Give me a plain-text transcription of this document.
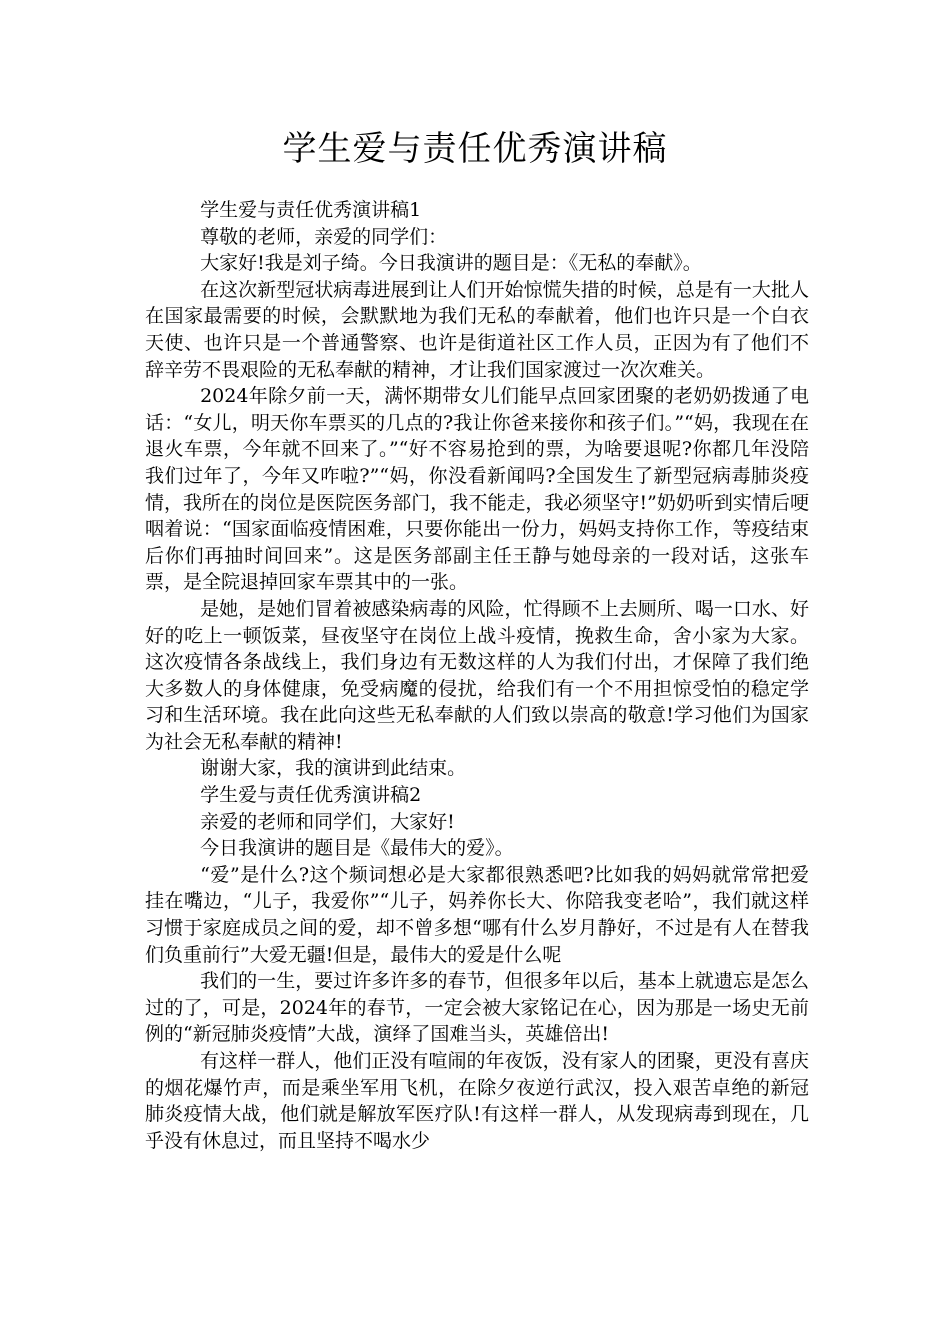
学生爱与责任优秀演讲稿

学生爱与责任优秀演讲稿1

尊敬的老师，亲爱的同学们：

大家好!我是刘子绮。今日我演讲的题目是：《无私的奉献》。

在这次新型冠状病毒进展到让人们开始惊慌失措的时候，总是有一大批人在国家最需要的时候，会默默地为我们无私的奉献着，他们也许只是一个白衣天使、也许只是一个普通警察、也许是街道社区工作人员，正因为有了他们不辞辛劳不畏艰险的无私奉献的精神，才让我们国家渡过一次次难关。

2024年除夕前一天，满怀期带女儿们能早点回家团聚的老奶奶拨通了电话：“女儿，明天你车票买的几点的?我让你爸来接你和孩子们。”“妈，我现在在退火车票，今年就不回来了。”“好不容易抢到的票，为啥要退呢?你都几年没陪我们过年了，今年又咋啦?”“妈，你没看新闻吗?全国发生了新型冠病毒肺炎疫情，我所在的岗位是医院医务部门，我不能走，我必须坚守!”奶奶听到实情后哽咽着说：“国家面临疫情困难，只要你能出一份力，妈妈支持你工作，等疫结束后你们再抽时间回来”。这是医务部副主任王静与她母亲的一段对话，这张车票，是全院退掉回家车票其中的一张。

是她，是她们冒着被感染病毒的风险，忙得顾不上去厕所、喝一口水、好好的吃上一顿饭菜，昼夜坚守在岗位上战斗疫情，挽救生命，舍小家为大家。这次疫情各条战线上，我们身边有无数这样的人为我们付出，才保障了我们绝大多数人的身体健康，免受病魔的侵扰，给我们有一个不用担惊受怕的稳定学习和生活环境。我在此向这些无私奉献的人们致以崇高的敬意!学习他们为国家为社会无私奉献的精神!

谢谢大家，我的演讲到此结束。

学生爱与责任优秀演讲稿2

亲爱的老师和同学们，大家好!

今日我演讲的题目是《最伟大的爱》。

“爱”是什么?这个频词想必是大家都很熟悉吧?比如我的妈妈就常常把爱挂在嘴边，“儿子，我爱你”“儿子，妈养你长大、你陪我变老哈”，我们就这样习惯于家庭成员之间的爱，却不曾多想“哪有什么岁月静好，不过是有人在替我们负重前行”大爱无疆!但是，最伟大的爱是什么呢

我们的一生，要过许多许多的春节，但很多年以后，基本上就遗忘是怎么过的了，可是，2024年的春节，一定会被大家铭记在心，因为那是一场史无前例的“新冠肺炎疫情”大战，演绎了国难当头，英雄倍出!

有这样一群人，他们正没有喧闹的年夜饭，没有家人的团聚，更没有喜庆的烟花爆竹声，而是乘坐军用飞机，在除夕夜逆行武汉，投入艰苦卓绝的新冠肺炎疫情大战，他们就是解放军医疗队!有这样一群人，从发现病毒到现在，几乎没有休息过，而且坚持不喝水少
